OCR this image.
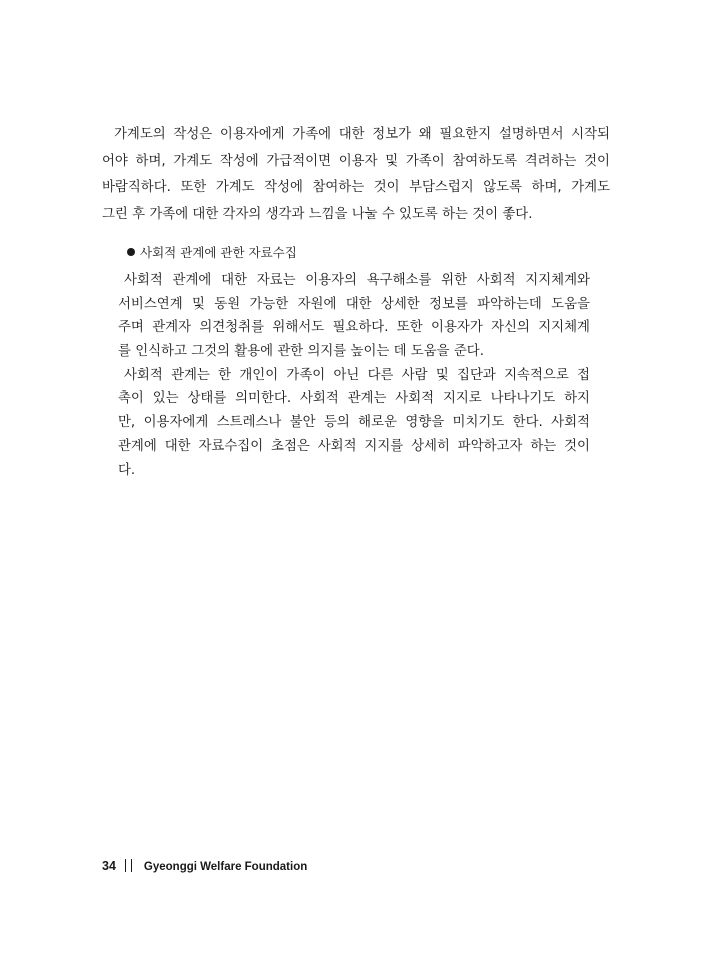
가계도의 작성은 이용자에게 가족에 대한 정보가 왜 필요한지 설명하면서 시작되
어야 하며, 가계도 작성에 가급적이면 이용자 및 가족이 참여하도록 격려하는 것이
바람직하다. 또한 가계도 작성에 참여하는 것이 부담스럽지 않도록 하며, 가계도
그린 후 가족에 대한 각자의 생각과 느낌을 나눌 수 있도록 하는 것이 좋다.
사회적 관계에 관한 자료수집
사회적 관계에 대한 자료는 이용자의 욕구해소를 위한 사회적 지지체계와
서비스연계 및 동원 가능한 자원에 대한 상세한 정보를 파악하는데 도움을
주며 관계자 의견청취를 위해서도 필요하다. 또한 이용자가 자신의 지지체계
를 인식하고 그것의 활용에 관한 의지를 높이는 데 도움을 준다.
사회적 관계는 한 개인이 가족이 아닌 다른 사람 및 집단과 지속적으로 접
촉이 있는 상태를 의미한다. 사회적 관계는 사회적 지지로 나타나기도 하지
만, 이용자에게 스트레스나 불안 등의 해로운 영향을 미치기도 한다. 사회적
관계에 대한 자료수집이 초점은 사회적 지지를 상세히 파악하고자 하는 것이
다.
34 Gyeonggi Welfare Foundation
